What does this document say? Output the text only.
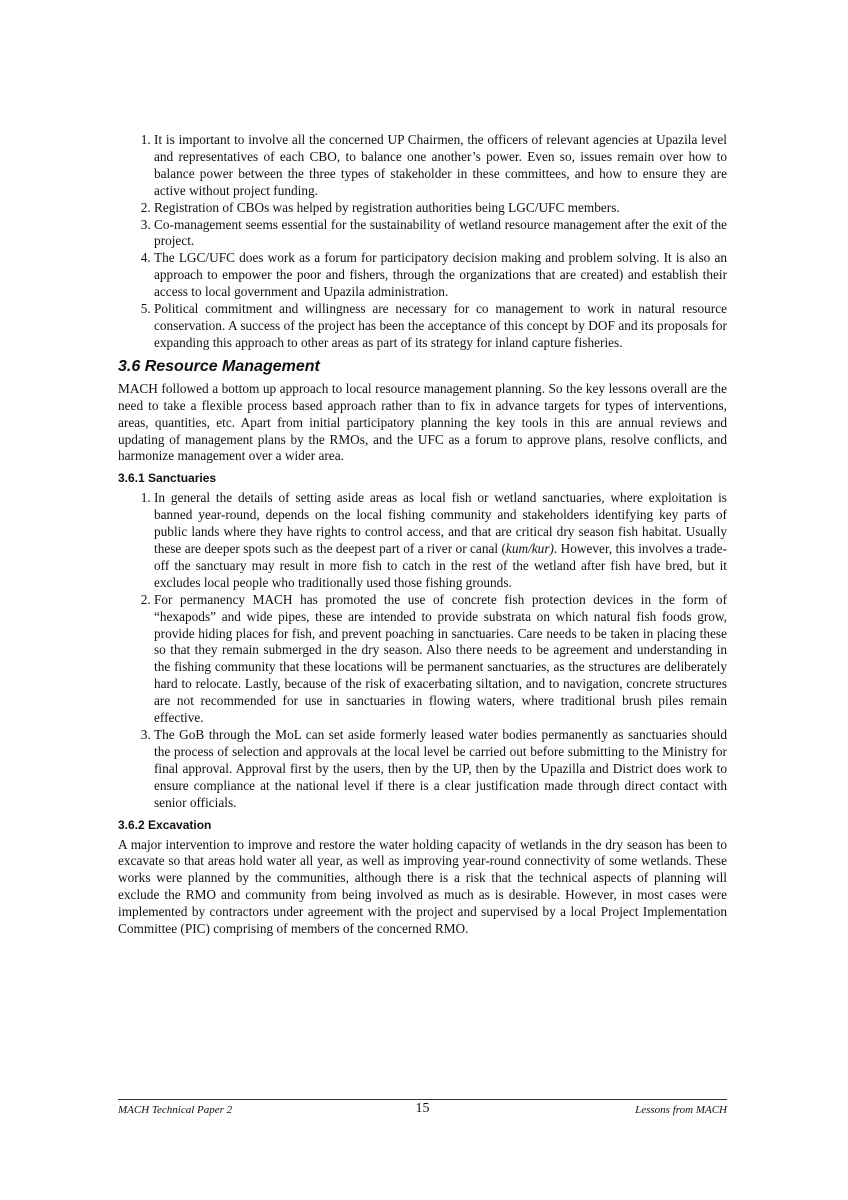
1. It is important to involve all the concerned UP Chairmen, the officers of relevant agencies at Upazila level and representatives of each CBO, to balance one another’s power. Even so, issues remain over how to balance power between the three types of stakeholder in these committees, and how to ensure they are active without project funding.
2. Registration of CBOs was helped by registration authorities being LGC/UFC members.
3. Co-management seems essential for the sustainability of wetland resource management after the exit of the project.
4. The LGC/UFC does work as a forum for participatory decision making and problem solving. It is also an approach to empower the poor and fishers, through the organizations that are created) and establish their access to local government and Upazila administration.
5. Political commitment and willingness are necessary for co management to work in natural resource conservation. A success of the project has been the acceptance of this concept by DOF and its proposals for expanding this approach to other areas as part of its strategy for inland capture fisheries.
3.6 Resource Management

MACH followed a bottom up approach to local resource management planning. So the key lessons overall are the need to take a flexible process based approach rather than to fix in advance targets for types of interventions, areas, quantities, etc. Apart from initial participatory planning the key tools in this are annual reviews and updating of management plans by the RMOs, and the UFC as a forum to approve plans, resolve conflicts, and harmonize management over a wider area.

3.6.1 Sanctuaries
1. In general the details of setting aside areas as local fish or wetland sanctuaries, where exploitation is banned year-round, depends on the local fishing community and stakeholders identifying key parts of public lands where they have rights to control access, and that are critical dry season fish habitat. Usually these are deeper spots such as the deepest part of a river or canal (kum/kur). However, this involves a trade-off the sanctuary may result in more fish to catch in the rest of the wetland after fish have bred, but it excludes local people who traditionally used those fishing grounds.
2. For permanency MACH has promoted the use of concrete fish protection devices in the form of “hexapods” and wide pipes, these are intended to provide substrata on which natural fish foods grow, provide hiding places for fish, and prevent poaching in sanctuaries. Care needs to be taken in placing these so that they remain submerged in the dry season. Also there needs to be agreement and understanding in the fishing community that these locations will be permanent sanctuaries, as the structures are deliberately hard to relocate. Lastly, because of the risk of exacerbating siltation, and to navigation, concrete structures are not recommended for use in sanctuaries in flowing waters, where traditional brush piles remain effective.
3. The GoB through the MoL can set aside formerly leased water bodies permanently as sanctuaries should the process of selection and approvals at the local level be carried out before submitting to the Ministry for final approval. Approval first by the users, then by the UP, then by the Upazilla and District does work to ensure compliance at the national level if there is a clear justification made through direct contact with senior officials.
3.6.2 Excavation

A major intervention to improve and restore the water holding capacity of wetlands in the dry season has been to excavate so that areas hold water all year, as well as improving year-round connectivity of some wetlands. These works were planned by the communities, although there is a risk that the technical aspects of planning will exclude the RMO and community from being involved as much as is desirable. However, in most cases were implemented by contractors under agreement with the project and supervised by a local Project Implementation Committee (PIC) comprising of members of the concerned RMO.

MACH Technical Paper 2	15	Lessons from MACH
